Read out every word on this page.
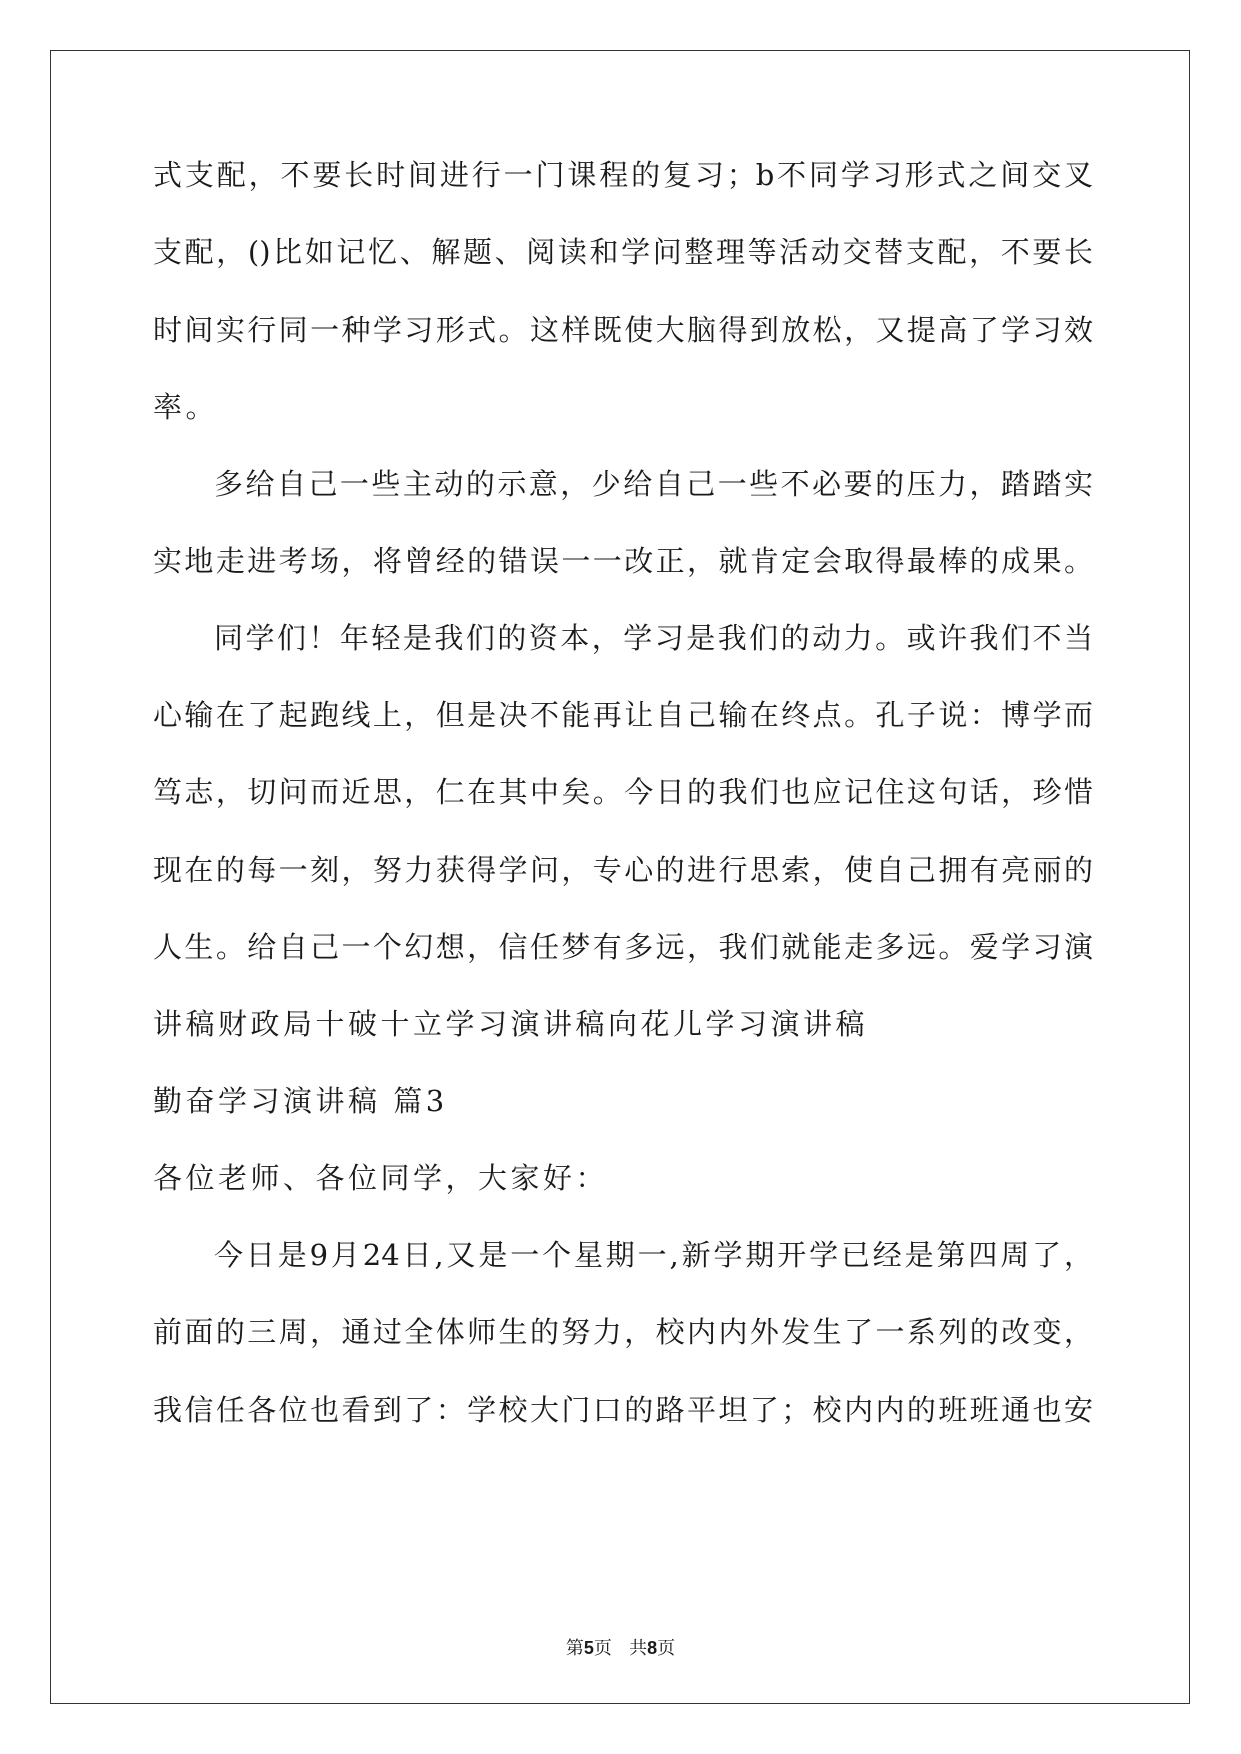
式支配，不要长时间进行一门课程的复习；b不同学习形式之间交叉
支配，()比如记忆、解题、阅读和学问整理等活动交替支配，不要长
时间实行同一种学习形式。这样既使大脑得到放松，又提高了学习效
率。
多给自己一些主动的示意，少给自己一些不必要的压力，踏踏实
实地走进考场，将曾经的错误一一改正，就肯定会取得最棒的成果。
同学们！年轻是我们的资本，学习是我们的动力。或许我们不当
心输在了起跑线上，但是决不能再让自己输在终点。孔子说：博学而
笃志，切问而近思，仁在其中矣。今日的我们也应记住这句话，珍惜
现在的每一刻，努力获得学问，专心的进行思索，使自己拥有亮丽的
人生。给自己一个幻想，信任梦有多远，我们就能走多远。爱学习演
讲稿财政局十破十立学习演讲稿向花儿学习演讲稿
勤奋学习演讲稿 篇3
各位老师、各位同学，大家好：
今日是9月24日,又是一个星期一,新学期开学已经是第四周了，
前面的三周，通过全体师生的努力，校内内外发生了一系列的改变，
我信任各位也看到了：学校大门口的路平坦了；校内内的班班通也安
第5页   共8页
